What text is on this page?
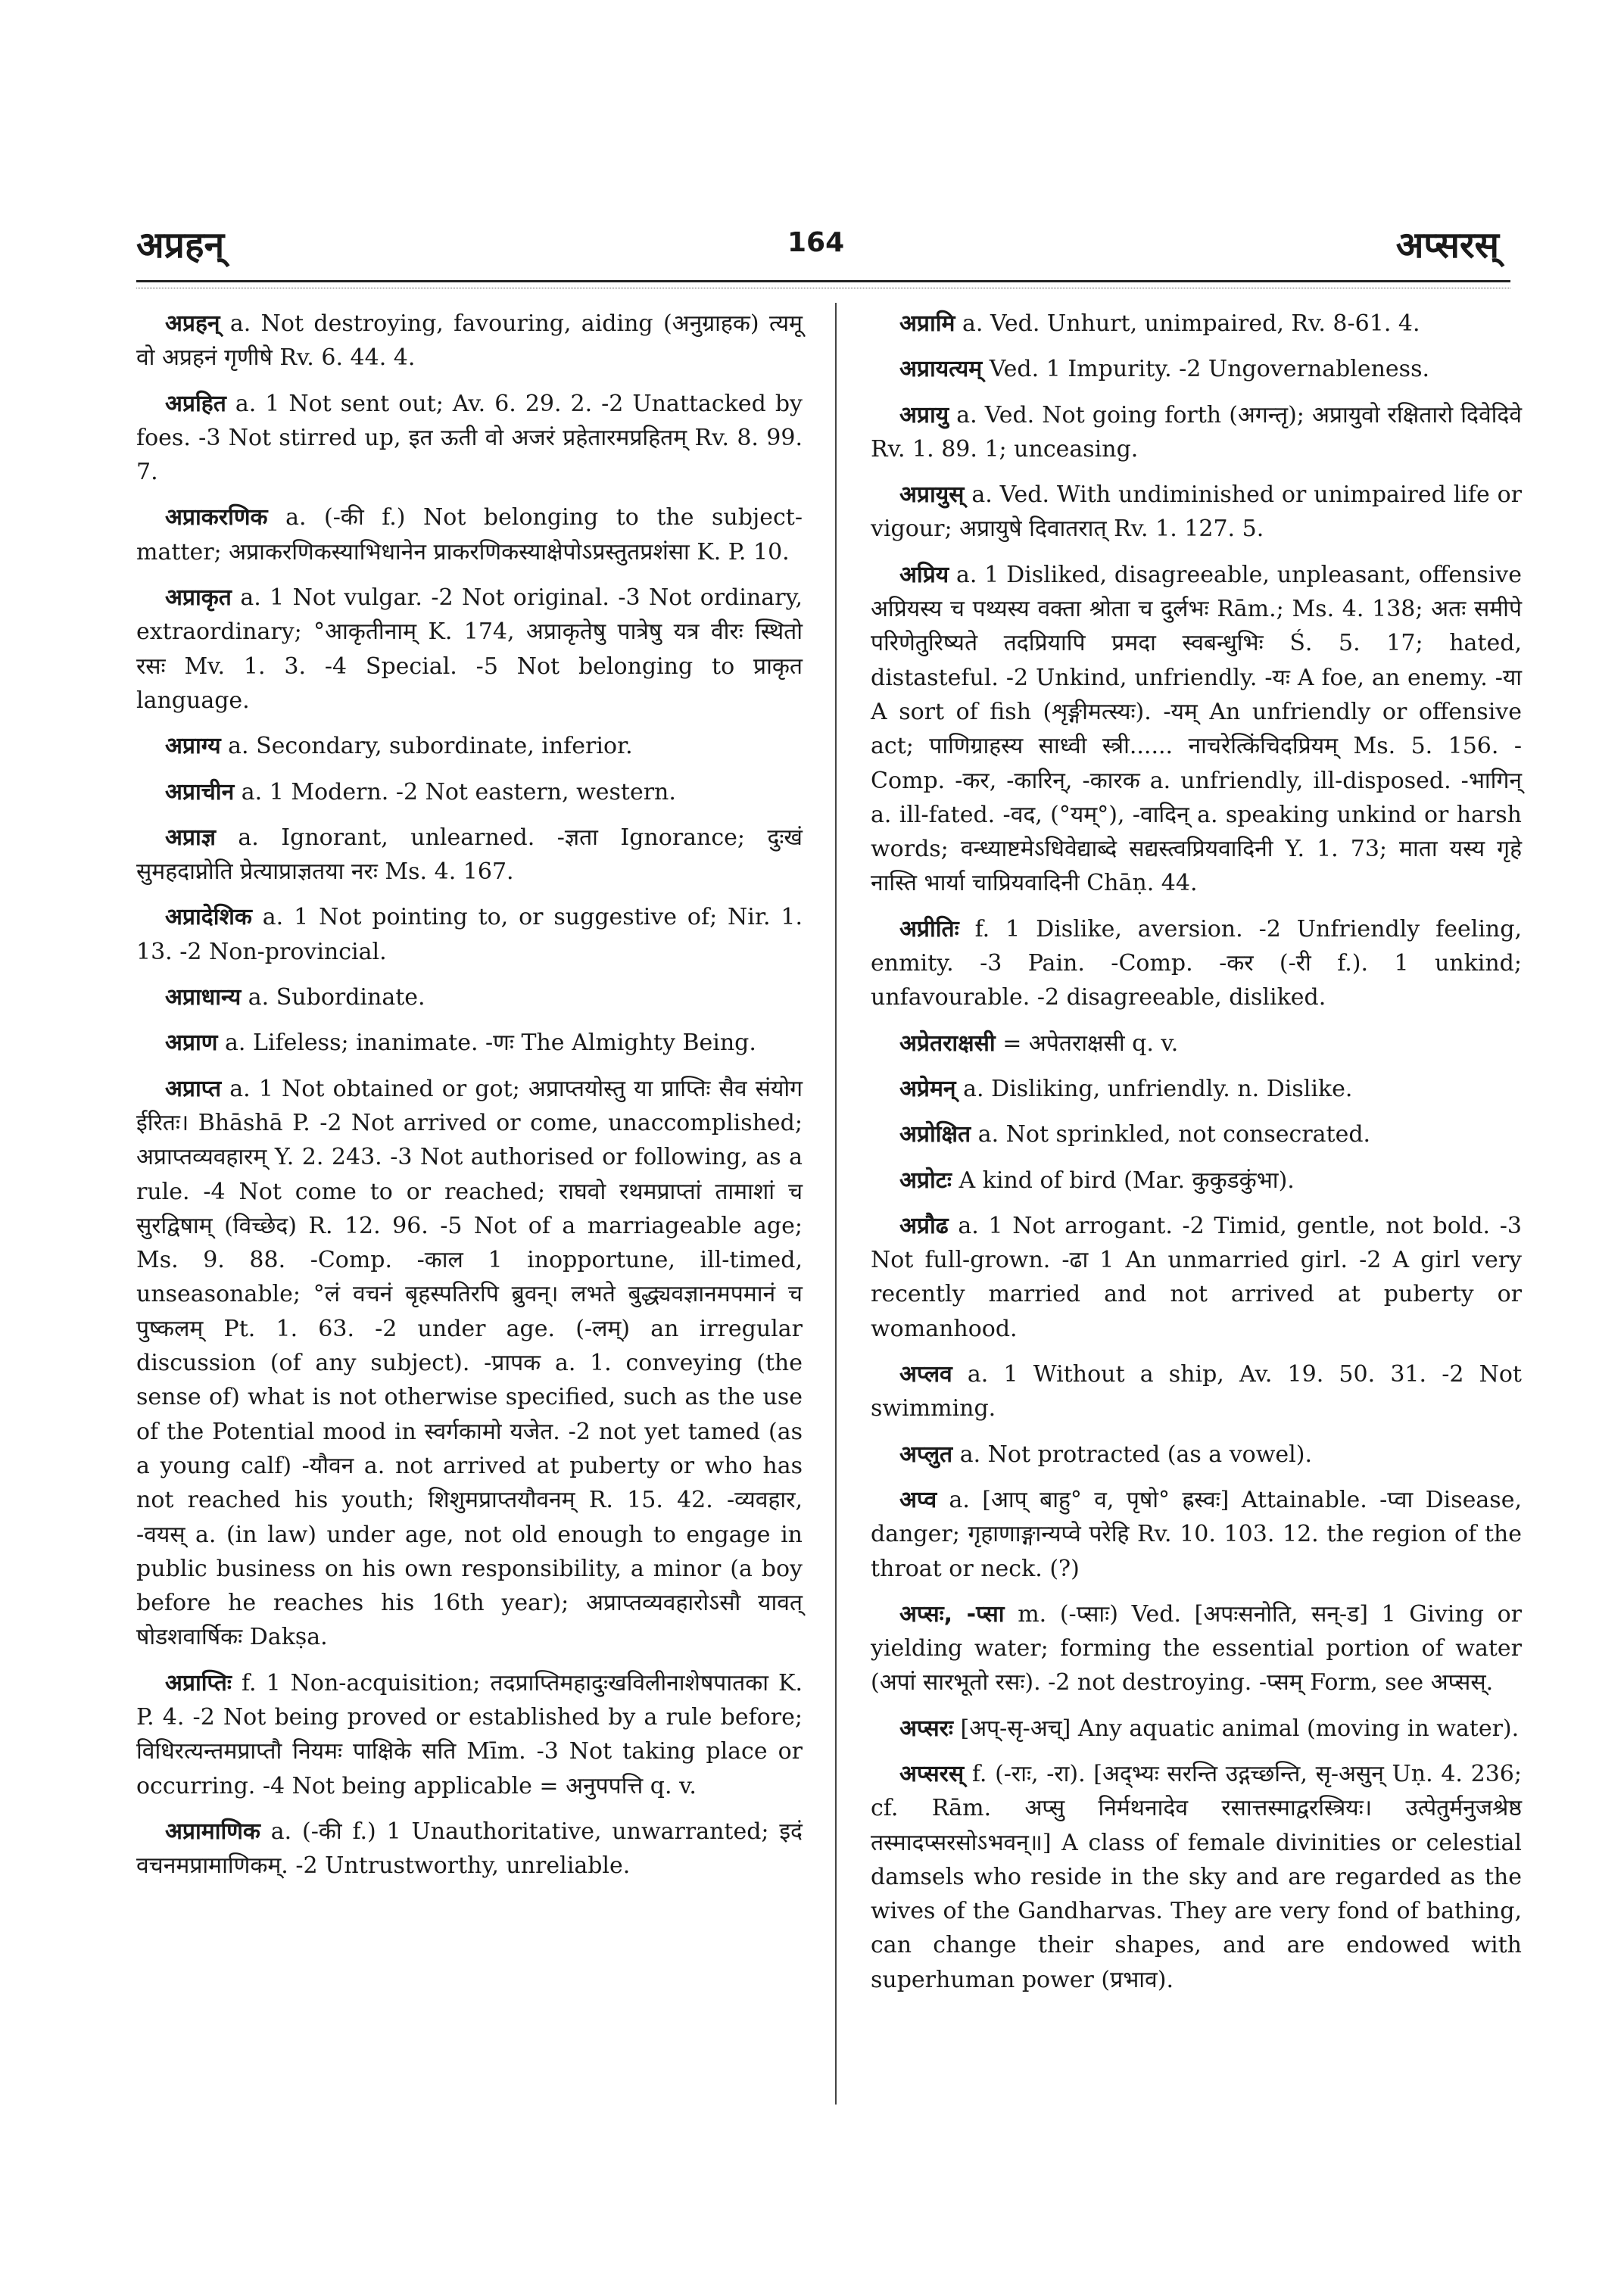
अप्रहन्	164	अप्सरस्

अप्रहन् a. Not destroying, favouring, aiding (अनुग्राहक) त्यमू वो अप्रहनं गृणीषे Rv. 6. 44. 4.

अप्रहित a. 1 Not sent out; Av. 6. 29. 2. -2 Unattacked by foes. -3 Not stirred up, इत ऊती वो अजरं प्रहेतारमप्रहितम् Rv. 8. 99. 7.

अप्राकरणिक a. (-की f.) Not belonging to the subject-matter; अप्राकरणिकस्याभिधानेन प्राकरणिकस्याक्षेपोऽप्रस्तुतप्रशंसा K. P. 10.

अप्राकृत a. 1 Not vulgar. -2 Not original. -3 Not ordinary, extraordinary; °आकृतीनाम् K. 174, अप्राकृतेषु पात्रेषु यत्र वीरः स्थितो रसः Mv. 1. 3. -4 Special. -5 Not belonging to प्राकृत language.

अप्राग्य a. Secondary, subordinate, inferior.

अप्राचीन a. 1 Modern. -2 Not eastern, western.

अप्राज्ञ a. Ignorant, unlearned. -ज्ञता Ignorance; दुःखं सुमहदाप्नोति प्रेत्याप्राज्ञतया नरः Ms. 4. 167.

अप्रादेशिक a. 1 Not pointing to, or suggestive of; Nir. 1. 13. -2 Non-provincial.

अप्राधान्य a. Subordinate.

अप्राण a. Lifeless; inanimate. -णः The Almighty Being.

अप्राप्त a. 1 Not obtained or got; अप्राप्तयोस्तु या प्राप्तिः सैव संयोग ईरितः। Bhāshā P. -2 Not arrived or come, unaccomplished; अप्राप्तव्यवहारम् Y. 2. 243. -3 Not authorised or following, as a rule. -4 Not come to or reached; राघवो रथमप्राप्तां तामाशां च सुरद्विषाम् (विच्छेद) R. 12. 96. -5 Not of a marriageable age; Ms. 9. 88. -Comp. -काल 1 inopportune, ill-timed, unseasonable; °लं वचनं बृहस्पतिरपि ब्रुवन्। लभते बुद्ध्यवज्ञानमपमानं च पुष्कलम् Pt. 1. 63. -2 under age. (-लम्) an irregular discussion (of any subject). -प्रापक a. 1. conveying (the sense of) what is not otherwise specified, such as the use of the Potential mood in स्वर्गकामो यजेत. -2 not yet tamed (as a young calf) -यौवन a. not arrived at puberty or who has not reached his youth; शिशुमप्राप्तयौवनम् R. 15. 42. -व्यवहार, -वयस् a. (in law) under age, not old enough to engage in public business on his own responsibility, a minor (a boy before he reaches his 16th year); अप्राप्तव्यवहारोऽसौ यावत् षोडशवार्षिकः Dakṣa.

अप्राप्तिः f. 1 Non-acquisition; तदप्राप्तिमहादुःखविलीनाशेषपातका K. P. 4. -2 Not being proved or established by a rule before; विधिरत्यन्तमप्राप्तौ नियमः पाक्षिके सति Mīm. -3 Not taking place or occurring. -4 Not being applicable = अनुपपत्ति q. v.

अप्रामाणिक a. (-की f.) 1 Unauthoritative, unwarranted; इदं वचनमप्रामाणिकम्. -2 Untrustworthy, unreliable.

अप्रामि a. Ved. Unhurt, unimpaired, Rv. 8-61. 4.

अप्रायत्यम् Ved. 1 Impurity. -2 Ungovernableness.

अप्रायु a. Ved. Not going forth (अगन्तृ); अप्रायुवो रक्षितारो दिवेदिवे Rv. 1. 89. 1; unceasing.

अप्रायुस् a. Ved. With undiminished or unimpaired life or vigour; अप्रायुषे दिवातरात् Rv. 1. 127. 5.

अप्रिय a. 1 Disliked, disagreeable, unpleasant, offensive अप्रियस्य च पथ्यस्य वक्ता श्रोता च दुर्लभः Rām.; Ms. 4. 138; अतः समीपे परिणेतुरिष्यते तदप्रियापि प्रमदा स्वबन्धुभिः Ś. 5. 17; hated, distasteful. -2 Unkind, unfriendly. -यः A foe, an enemy. -या A sort of fish (शृङ्गीमत्स्यः). -यम् An unfriendly or offensive act; पाणिग्राहस्य साध्वी स्त्री...... नाचरेत्किंचिदप्रियम् Ms. 5. 156. -Comp. -कर, -कारिन्, -कारक a. unfriendly, ill-disposed. -भागिन् a. ill-fated. -वद, (°यम्°), -वादिन् a. speaking unkind or harsh words; वन्ध्याष्टमेऽधिवेद्याब्दे सद्यस्त्वप्रियवादिनी Y. 1. 73; माता यस्य गृहे नास्ति भार्या चाप्रियवादिनी Chāṇ. 44.

अप्रीतिः f. 1 Dislike, aversion. -2 Unfriendly feeling, enmity. -3 Pain. -Comp. -कर (-री f.). 1 unkind; unfavourable. -2 disagreeable, disliked.

अप्रेतराक्षसी = अपेतराक्षसी q. v.

अप्रेमन् a. Disliking, unfriendly. n. Dislike.

अप्रोक्षित a. Not sprinkled, not consecrated.

अप्रोटः A kind of bird (Mar. कुकुडकुंभा).

अप्रौढ a. 1 Not arrogant. -2 Timid, gentle, not bold. -3 Not full-grown. -ढा 1 An unmarried girl. -2 A girl very recently married and not arrived at puberty or womanhood.

अप्लव a. 1 Without a ship, Av. 19. 50. 31. -2 Not swimming.

अप्लुत a. Not protracted (as a vowel).

अप्व a. [आप् बाहु° व, पृषो° ह्रस्वः] Attainable. -प्वा Disease, danger; गृहाणाङ्गान्यप्वे परेहि Rv. 10. 103. 12. the region of the throat or neck. (?)

अप्सः, -प्सा m. (-प्साः) Ved. [अपःसनोति, सन्-ड] 1 Giving or yielding water; forming the essential portion of water (अपां सारभूतो रसः). -2 not destroying. -प्सम् Form, see अप्सस्.

अप्सरः [अप्-सृ-अच्] Any aquatic animal (moving in water).

अप्सरस् f. (-राः, -रा). [अद्भ्यः सरन्ति उद्गच्छन्ति, सृ-असुन् Uṇ. 4. 236; cf. Rām. अप्सु निर्मथनादेव रसात्तस्माद्वरस्त्रियः। उत्पेतुर्मनुजश्रेष्ठ तस्मादप्सरसोऽभवन्॥] A class of female divinities or celestial damsels who reside in the sky and are regarded as the wives of the Gandharvas. They are very fond of bathing, can change their shapes, and are endowed with superhuman power (प्रभाव).
